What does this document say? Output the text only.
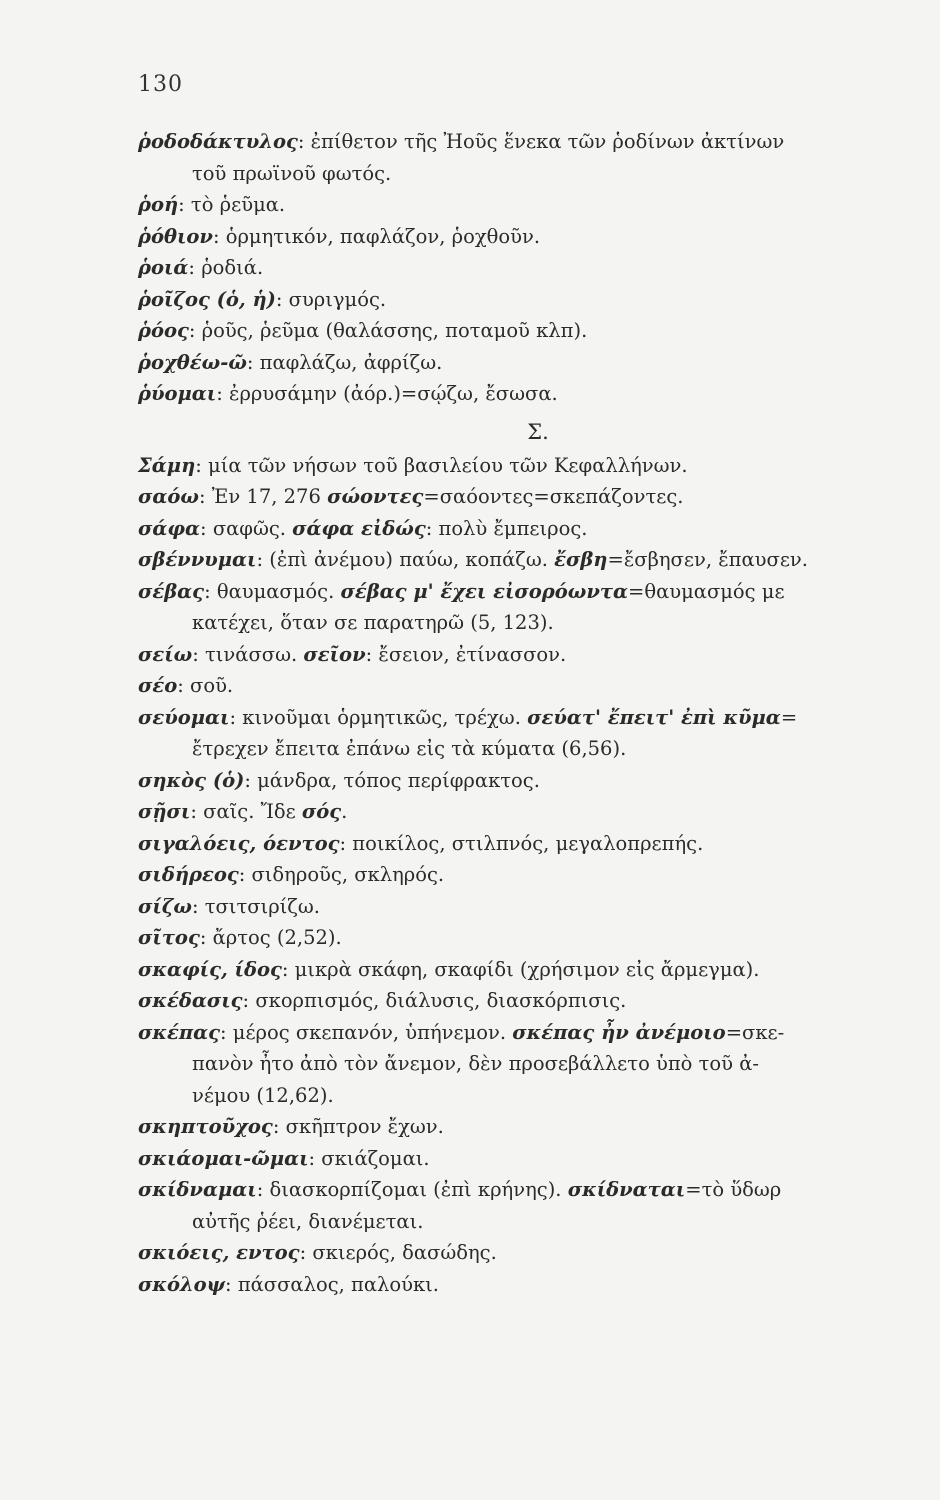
130

ῥοδοδάκτυλος: ἐπίθετον τῆς Ἠοῦς ἕνεκα τῶν ῥοδίνων ἀκτίνων
τοῦ πρωϊνοῦ φωτός.

ῥοή: τὸ ῥεῦμα.

ῥόθιον: ὁρμητικόν, παφλάζον, ῥοχθοῦν.

ῥοιά: ῥοδιά.

ῥοῖζος (ὁ, ἡ): συριγμός.

ῥόος: ῥοῦς, ῥεῦμα (θαλάσσης, ποταμοῦ κλπ).

ῥοχθέω-ῶ: παφλάζω, ἀφρίζω.

ῥύομαι: ἐρρυσάμην (ἀόρ.)=σῴζω, ἔσωσα.

Σ.

Σάμη: μία τῶν νήσων τοῦ βασιλείου τῶν Κεφαλλήνων.

σαόω: Ἐν 17, 276 σώοντες=σαόοντες=σκεπάζοντες.

σάφα: σαφῶς. σάφα εἰδώς: πολὺ ἔμπειρος.

σβέννυμαι: (ἐπὶ ἀνέμου) παύω, κοπάζω. ἔσβη=ἔσβησεν, ἔπαυσεν.

σέβας: θαυμασμός. σέβας μ' ἔχει εἰσορόωντα=θαυμασμός με
κατέχει, ὅταν σε παρατηρῶ (5, 123).

σείω: τινάσσω. σεῖον: ἔσειον, ἐτίνασσον.

σέο: σοῦ.

σεύομαι: κινοῦμαι ὁρμητικῶς, τρέχω. σεύατ' ἔπειτ' ἐπὶ κῦμα=
ἔτρεχεν ἔπειτα ἐπάνω εἰς τὰ κύματα (6,56).

σηκὸς (ὁ): μάνδρα, τόπος περίφρακτος.

σῇσι: σαῖς. Ἴδε σός.

σιγαλόεις, όεντος: ποικίλος, στιλπνός, μεγαλοπρεπής.

σιδήρεος: σιδηροῦς, σκληρός.

σίζω: τσιτσιρίζω.

σῖτος: ἄρτος (2,52).

σκαφίς, ίδος: μικρὰ σκάφη, σκαφίδι (χρήσιμον εἰς ἄρμεγμα).

σκέδασις: σκορπισμός, διάλυσις, διασκόρπισις.

σκέπας: μέρος σκεπανόν, ὑπήνεμον. σκέπας ἦν ἀνέμοιο=σκε-
πανὸν ἦτο ἀπὸ τὸν ἄνεμον, δὲν προσεβάλλετο ὑπὸ τοῦ ἀ-
νέμου (12,62).

σκηπτοῦχος: σκῆπτρον ἔχων.

σκιάομαι-ῶμαι: σκιάζομαι.

σκίδναμαι: διασκορπίζομαι (ἐπὶ κρήνης). σκίδναται=τὸ ὕδωρ
αὐτῆς ῥέει, διανέμεται.

σκιόεις, εντος: σκιερός, δασώδης.

σκόλοψ: πάσσαλος, παλούκι.
